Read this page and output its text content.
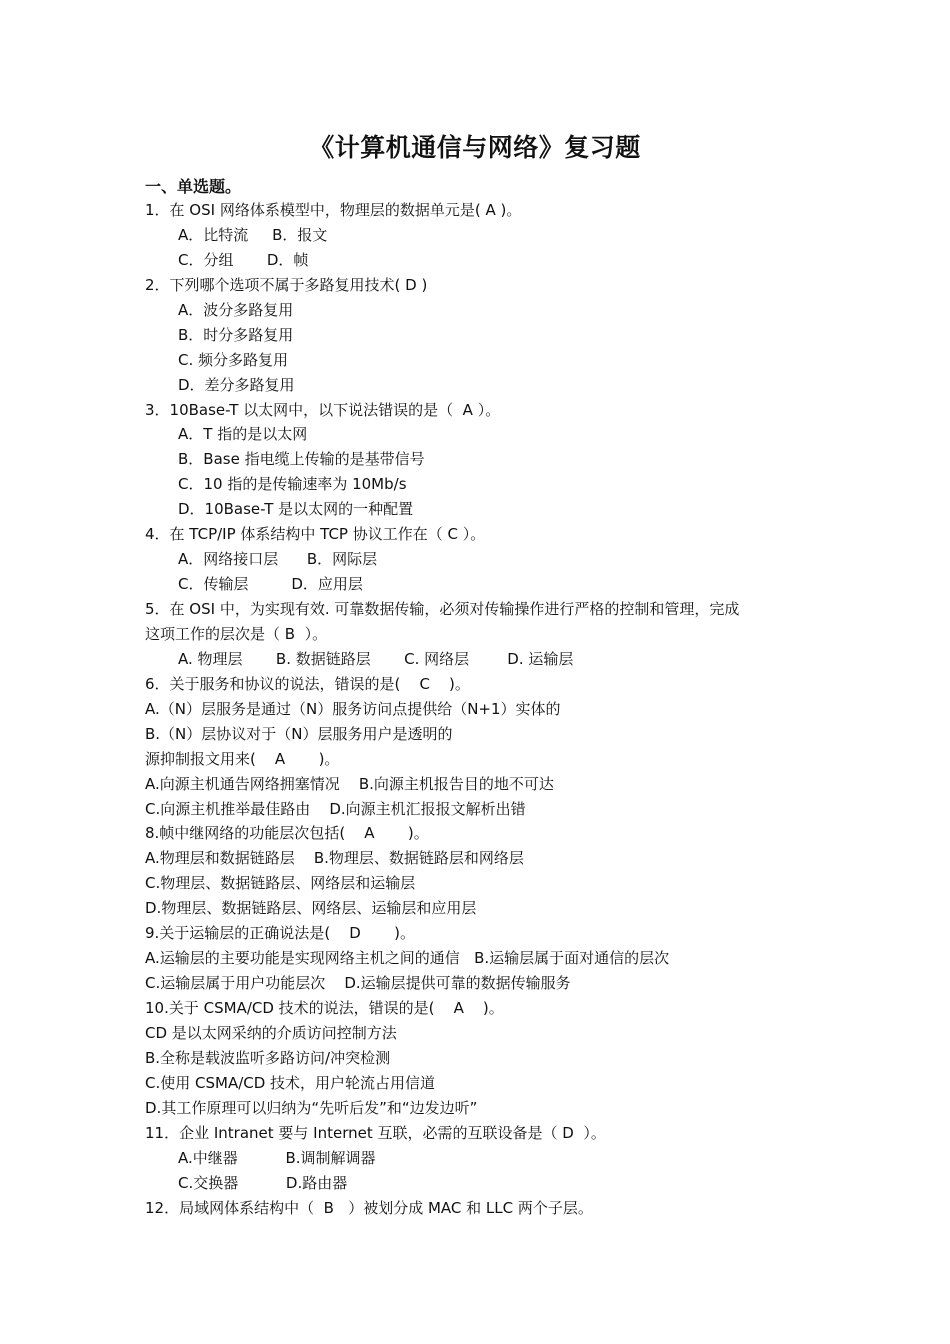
《计算机通信与网络》复习题
一、单选题。
1．在 OSI 网络体系模型中，物理层的数据单元是( A )。
A．比特流     B．报文
C．分组       D．帧
2．下列哪个选项不属于多路复用技术( D )
A．波分多路复用
B．时分多路复用
C. 频分多路复用
D．差分多路复用
3．10Base-T 以太网中，以下说法错误的是（  A ）。
A．T 指的是以太网
B．Base 指电缆上传输的是基带信号
C．10 指的是传输速率为 10Mb/s
D．10Base-T 是以太网的一种配置
4．在 TCP/IP 体系结构中 TCP 协议工作在（ C ）。
A．网络接口层      B．网际层
C．传输层         D．应用层
5．在 OSI 中，为实现有效. 可靠数据传输，必须对传输操作进行严格的控制和管理，完成
这项工作的层次是（ B  ）。
A. 物理层       B. 数据链路层       C. 网络层        D. 运输层
6．关于服务和协议的说法，错误的是(    C    )。
A.（N）层服务是通过（N）服务访问点提供给（N+1）实体的
B.（N）层协议对于（N）层服务用户是透明的
源抑制报文用来(    A       )。
A.向源主机通告网络拥塞情况    B.向源主机报告目的地不可达
C.向源主机推举最佳路由    D.向源主机汇报报文解析出错
8.帧中继网络的功能层次包括(    A       )。
A.物理层和数据链路层    B.物理层、数据链路层和网络层
C.物理层、数据链路层、网络层和运输层
D.物理层、数据链路层、网络层、运输层和应用层
9.关于运输层的正确说法是(    D       )。
A.运输层的主要功能是实现网络主机之间的通信   B.运输层属于面对通信的层次
C.运输层属于用户功能层次    D.运输层提供可靠的数据传输服务
10.关于 CSMA/CD 技术的说法，错误的是(    A    )。
CD 是以太网采纳的介质访问控制方法
B.全称是载波监听多路访问/冲突检测
C.使用 CSMA/CD 技术，用户轮流占用信道
D.其工作原理可以归纳为“先听后发”和“边发边听”
11．企业 Intranet 要与 Internet 互联，必需的互联设备是（ D  ）。
A.中继器          B.调制解调器
C.交换器          D.路由器
12．局域网体系结构中（  B   ）被划分成 MAC 和 LLC 两个子层。
